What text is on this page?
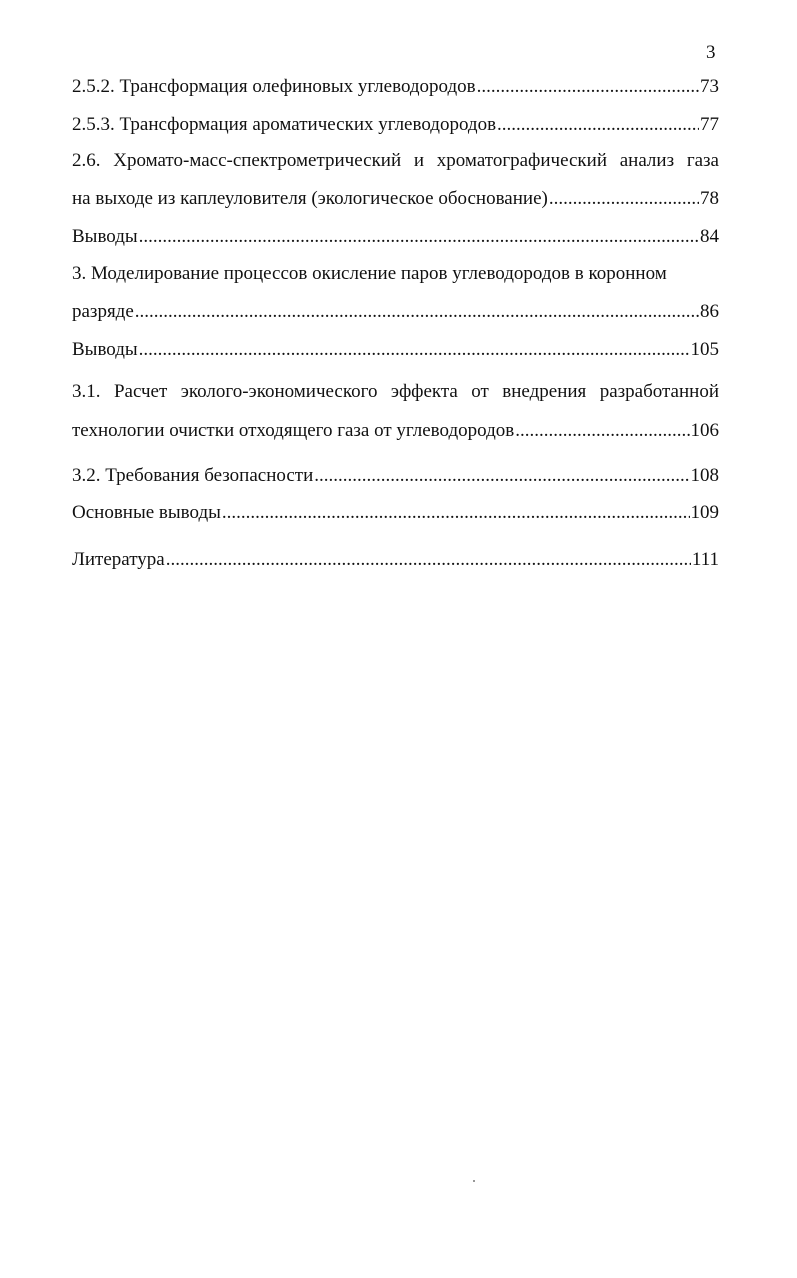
3
2.5.2. Трансформация олефиновых углеводородов .....	73
2.5.3. Трансформация ароматических углеводородов .....	77
2.6. Хромато-масс-спектрометрический и хроматографический анализ газа
на выходе из каплеуловителя (экологическое обоснование) .....	78
Выводы .....	84
3. Моделирование процессов окисление паров углеводородов в коронном
разряде .....	86
Выводы .....	105
3.1. Расчет эколого-экономического эффекта от внедрения разработанной
технологии очистки отходящего газа от углеводородов .....	106
3.2. Требования безопасности .....	108
Основные выводы .....	109
Литература .....	111
